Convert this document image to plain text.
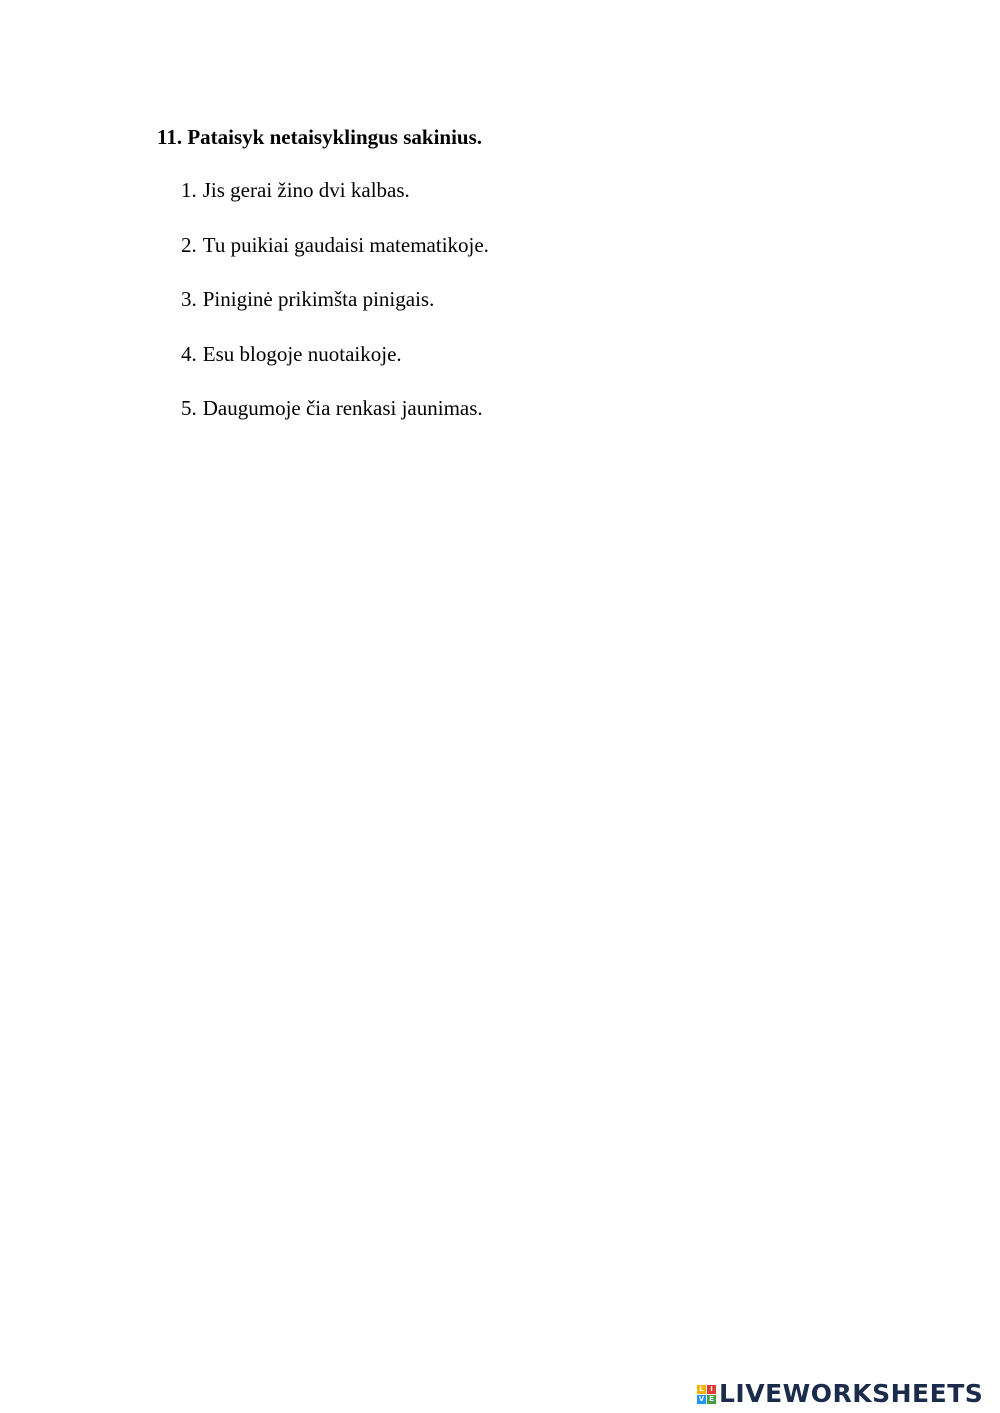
11. Pataisyk netaisyklingus sakinius.
1. Jis gerai žino dvi kalbas.
2. Tu puikiai gaudaisi matematikoje.
3. Piniginė prikimšta pinigais.
4. Esu blogoje nuotaikoje.
5. Daugumoje čia renkasi jaunimas.
L I
V E LIVEWORKSHEETS
